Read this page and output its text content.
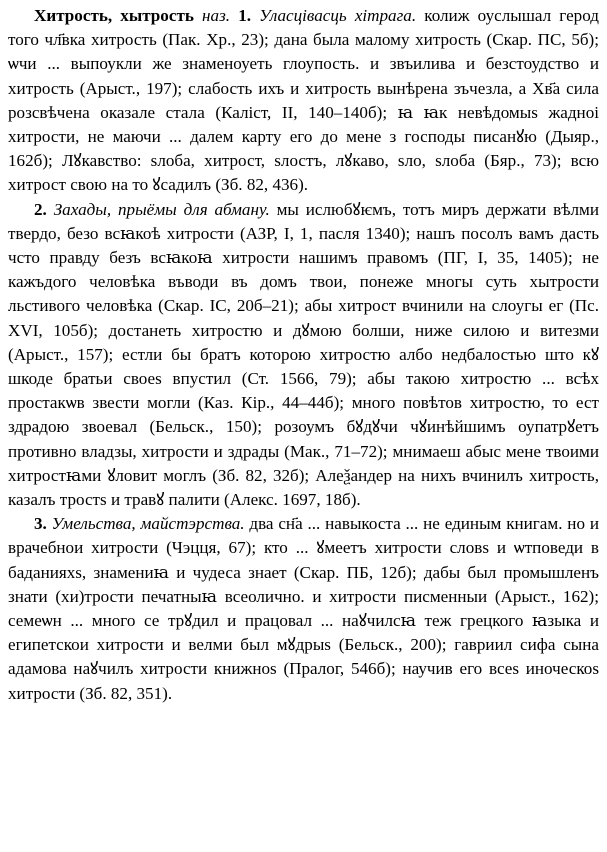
Хитрость, хытрость наз. 1. Уласцівасць хітрага. колиж оуслышал герод того чл҃вка хитрость (Пак. Хр., 23); дана была малому хитрость (Скар. ПС, 5б); ѡчи ... выпоукли же знаменоуеть глоупость. и звъилива и безстоудство и хитрость (Арыст., 197); слабость ихъ и хитрость вынѣрена зъчезла, а Хв҃а сила розсвѣчена оказале стала (Каліст, II, 140–140б); ꙗ ꙗк невѣдомыѕ жадноi хитрости, не маючи ... далем карту его до мене з господы писанꙋю (Дыяр., 162б); Лꙋкавство: ѕлоба, хитрост, ѕлостъ, лꙋкаво, ѕло, ѕлоба (Бяр., 73); всю хитрост свою на то ꙋсадилъ (Зб. 82, 436).

2. Захады, прыёмы для абману. мы ислюбꙋѥмъ, тотъ миръ держати вѣлми твердо, безо всꙗкоѣ хитрости (АЗР, I, 1, пасля 1340); нашъ посолъ вамъ дасть чсто правду безъ всꙗкоꙗ хитрости нашимъ правомъ (ПГ, I, 35, 1405); не кажъдого человѣка въводи въ домъ твои, понеже многы суть хытрости льстивого человѣка (Скар. IC, 20б–21); абы хитрост вчинили на слоугы ег (Пс. XVI, 105б); достанеть хитростю и дꙋмою болши, ниже силою и витезми (Арыст., 157); естли бы братъ которою хитростю албо недбалостью што кꙋ шкоде братьи своеѕ впустил (Ст. 1566, 79); абы такою хитростю ... всѣх простакѡв звести могли (Каз. Кір., 44–44б); много повѣтов хитростю, то ест здрадою звоевал (Бельск., 150); розоумъ бꙋдꙋчи чꙋинѣйшимъ оупатрꙋетъ противно владзы, хитрости и здрады (Мак., 71–72); мнимаеш абыс мене твоими хитростꙗми ꙋловит моглъ (Зб. 82, 32б); Алеѯандер на нихъ вчинилъ хитрость, казалъ тростѕ и травꙋ палити (Алекс. 1697, 18б).

3. Умельства, майстэрства. два сн҃а ... навыкоста ... не единым книгам. но и врачебнои хитрости (Чэцця, 67); кто ... ꙋмеетъ хитрости словѕ и ѡтповеди в баданияхѕ, знамениꙗ и чудеса знает (Скар. ПБ, 12б); дабы был промышленъ знати (хи)трости печатныꙗ всеолично. и хитрости писменныи (Арыст., 162); семеѡн ... много се трꙋдил и працовал ... наꙋчилсꙗ теж грецкого ꙗзыка и египетскои хитрости и велми был мꙋдрыѕ (Бельск., 200); гавриил сифа сына адамова наꙋчилъ хитрости книжноѕ (Пралог, 546б); научив его всеѕ иноческоѕ хитрости (Зб. 82, 351).
